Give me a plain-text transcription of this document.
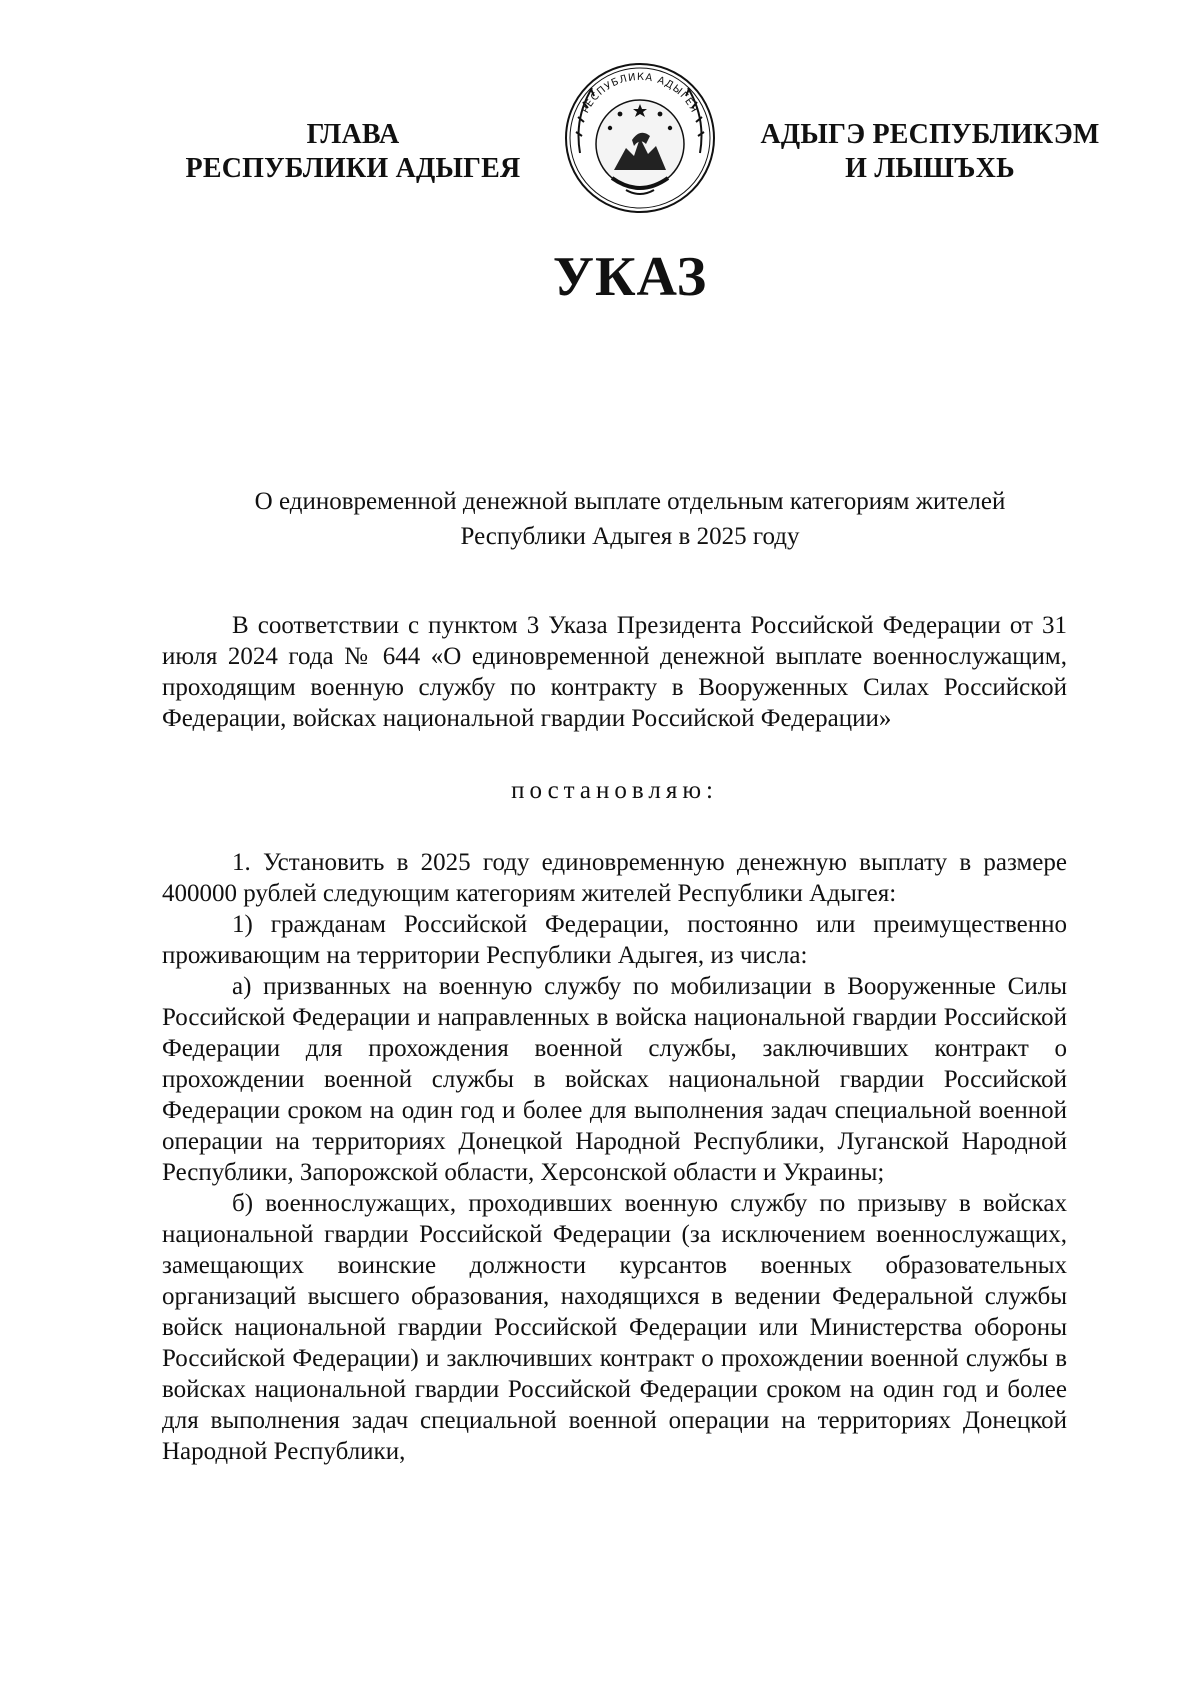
ГЛАВА
РЕСПУБЛИКИ АДЫГЕЯ
РЕСПУБЛИКА АДЫГЕЯ
АДЫГЭ РЕСПУБЛИКЭМ
И ЛЫШЪХЬ
УКАЗ
О единовременной денежной выплате отдельным категориям жителей
Республики Адыгея в 2025 году

В соответствии с пунктом 3 Указа Президента Российской Федерации от 31 июля 2024 года № 644 «О единовременной денежной выплате военнослужащим, проходящим военную службу по контракту в Вооруженных Силах Российской Федерации, войсках национальной гвардии Российской Федерации»

постановляю:

1. Установить в 2025 году единовременную денежную выплату в размере 400000 рублей следующим категориям жителей Республики Адыгея:

1) гражданам Российской Федерации, постоянно или преимущественно проживающим на территории Республики Адыгея, из числа:

а) призванных на военную службу по мобилизации в Вооруженные Силы Российской Федерации и направленных в войска национальной гвардии Российской Федерации для прохождения военной службы, заключивших контракт о прохождении военной службы в войсках национальной гвардии Российской Федерации сроком на один год и более для выполнения задач специальной военной операции на территориях Донецкой Народной Республики, Луганской Народной Республики, Запорожской области, Херсонской области и Украины;

б) военнослужащих, проходивших военную службу по призыву в войсках национальной гвардии Российской Федерации (за исключением военнослужащих, замещающих воинские должности курсантов военных образовательных организаций высшего образования, находящихся в ведении Федеральной службы войск национальной гвардии Российской Федерации или Министерства обороны Российской Федерации) и заключивших контракт о прохождении военной службы в войсках национальной гвардии Российской Федерации сроком на один год и более для выполнения задач специальной военной операции на территориях Донецкой Народной Республики,
